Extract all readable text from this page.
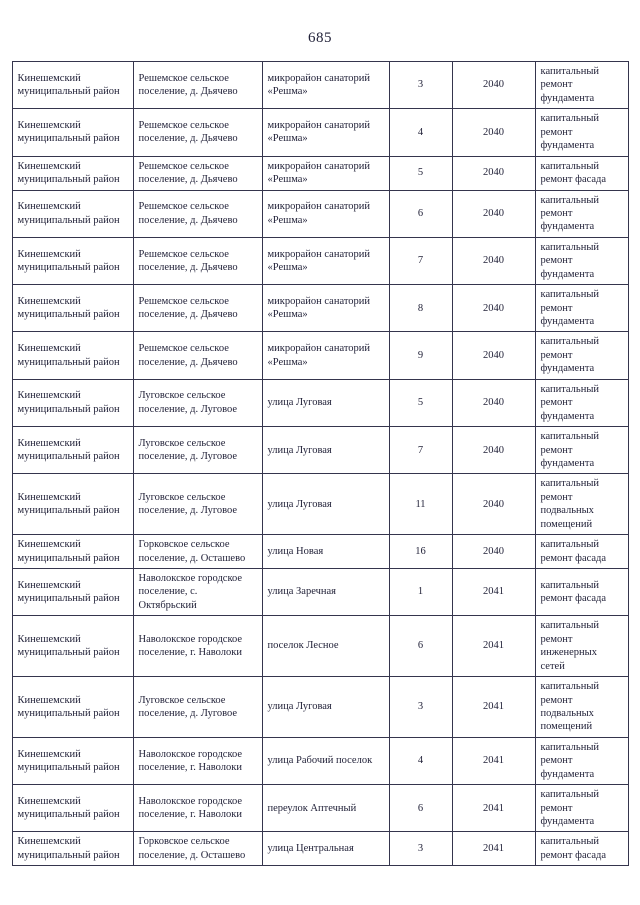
685
Кинешемский муниципальный район	Решемское сельское поселение, д. Дьячево	микрорайон санаторий «Решма»	3	2040	капитальный ремонт фундамента
Кинешемский муниципальный район	Решемское сельское поселение, д. Дьячево	микрорайон санаторий «Решма»	4	2040	капитальный ремонт фундамента
Кинешемский муниципальный район	Решемское сельское поселение, д. Дьячево	микрорайон санаторий «Решма»	5	2040	капитальный ремонт фасада
Кинешемский муниципальный район	Решемское сельское поселение, д. Дьячево	микрорайон санаторий «Решма»	6	2040	капитальный ремонт фундамента
Кинешемский муниципальный район	Решемское сельское поселение, д. Дьячево	микрорайон санаторий «Решма»	7	2040	капитальный ремонт фундамента
Кинешемский муниципальный район	Решемское сельское поселение, д. Дьячево	микрорайон санаторий «Решма»	8	2040	капитальный ремонт фундамента
Кинешемский муниципальный район	Решемское сельское поселение, д. Дьячево	микрорайон санаторий «Решма»	9	2040	капитальный ремонт фундамента
Кинешемский муниципальный район	Луговское сельское поселение, д. Луговое	улица Луговая	5	2040	капитальный ремонт фундамента
Кинешемский муниципальный район	Луговское сельское поселение, д. Луговое	улица Луговая	7	2040	капитальный ремонт фундамента
Кинешемский муниципальный район	Луговское сельское поселение, д. Луговое	улица Луговая	11	2040	капитальный ремонт подвальных помещений
Кинешемский муниципальный район	Горковское сельское поселение, д. Осташево	улица Новая	16	2040	капитальный ремонт фасада
Кинешемский муниципальный район	Наволокское городское поселение, с. Октябрьский	улица Заречная	1	2041	капитальный ремонт фасада
Кинешемский муниципальный район	Наволокское городское поселение, г. Наволоки	поселок Лесное	6	2041	капитальный ремонт инженерных сетей
Кинешемский муниципальный район	Луговское сельское поселение, д. Луговое	улица Луговая	3	2041	капитальный ремонт подвальных помещений
Кинешемский муниципальный район	Наволокское городское поселение, г. Наволоки	улица Рабочий поселок	4	2041	капитальный ремонт фундамента
Кинешемский муниципальный район	Наволокское городское поселение, г. Наволоки	переулок Аптечный	6	2041	капитальный ремонт фундамента
Кинешемский муниципальный район	Горковское сельское поселение, д. Осташево	улица Центральная	3	2041	капитальный ремонт фасада
